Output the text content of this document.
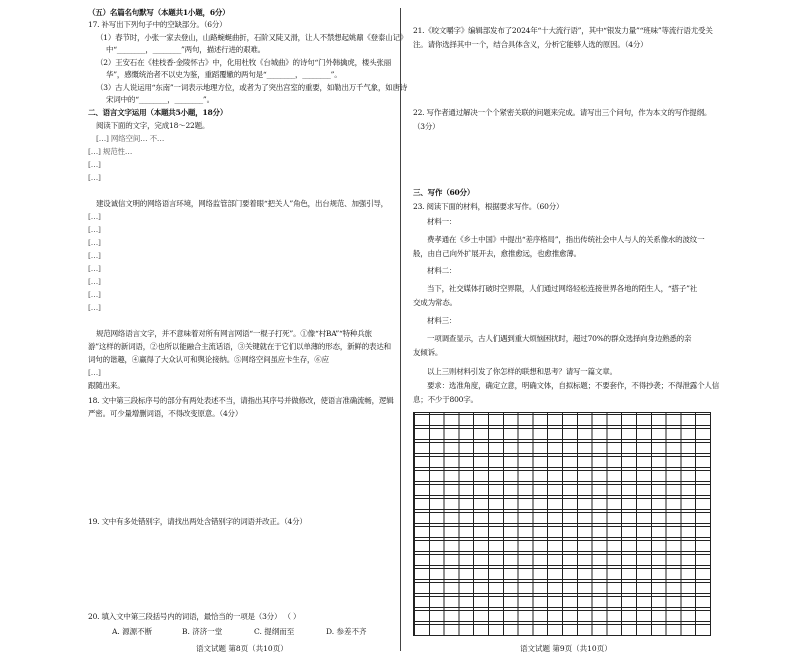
（五）名篇名句默写（本题共1小题，6分）
17. 补写出下列句子中的空缺部分。（6分）
（1）春节时，小张一家去登山，山路蜿蜒曲折，石阶又陡又滑，让人不禁想起姚鼐《登泰山记》
中“________，________”两句，描述行进的艰难。
（2）王安石在《桂枝香·金陵怀古》中，化用杜牧《台城曲》的诗句“门外韩擒虎，楼头张丽
华”，感慨统治者不以史为鉴，重蹈覆辙的两句是“________，________”。
（3）古人说运用“东南”一词表示地理方位，或者为了突出宫室的重要，如勒出万千气象，如唐诗
宋词中的“________，________”。
二、语言文字运用（本题共5小题，18分）
阅读下面的文字，完成18～22题。
[…] 网络空间… 不…
[…] 规范性…
[…]
[…]
建设诚信文明的网络语言环境，网络监管部门要着眼“把关人”角色，出台规范、加强引导，
[…]
[…]
[…]
[…]
[…]
[…]
[…]
[…]
规范网络语言文字，并不意味着对所有网言网语“一棍子打死”。①像“村BA”“特种兵旅
游”这样的新词语，②也所以能融合主流话语，③关键就在于它们以单薄的形态，新鲜的表达和
词句的谐趣，④赢得了大众认可和舆论接纳。⑤网络空间虽应卡生存，⑥应
[…]
跟随出来。
18. 文中第三段标序号的部分有两处表述不当，请指出其序号并做修改，使语言准确流畅，逻辑
严密。可少量增删词语，不得改变原意。（4分）
19. 文中有多处错别字，请找出两处含错别字的词语并改正。（4分）
20. 填入文中第三段括号内的词语，最恰当的一项是（3分） （ ）
A. 源源不断	B. 济济一堂	C. 提纲而至	D. 参差不齐
语文试题 第8页（共10页）
21.《咬文嚼字》编辑部发布了2024年“十大流行语”，其中“银发力量”“班味”等流行语尤受关
注。请你选择其中一个，结合具体含义，分析它能够人选的原因。（4分）
22. 写作者通过解决一个个紧密关联的问题来完成。请写出三个问句，作为本文的写作提纲。
（3分）
三、写作（60分）
23. 阅读下面的材料，根据要求写作。（60分）
材料一：
费孝通在《乡土中国》中提出“差序格局”，指出传统社会中人与人的关系像水的波纹一
般，由自己向外扩展开去，愈推愈远，也愈推愈薄。
材料二：
当下，社交媒体打破时空界限，人们通过网络轻松连接世界各地的陌生人，“搭子”社
交成为常态。
材料三：
一项调查显示，古人们遇到重大烦恼困扰时，超过70%的群众选择向身边熟悉的亲
友倾诉。
以上三则材料引发了你怎样的联想和思考？请写一篇文章。
要求：选准角度，确定立意，明确文体，自拟标题；不要套作，不得抄袭；不得泄露个人信
息；不少于800字。
语文试题 第9页（共10页）
